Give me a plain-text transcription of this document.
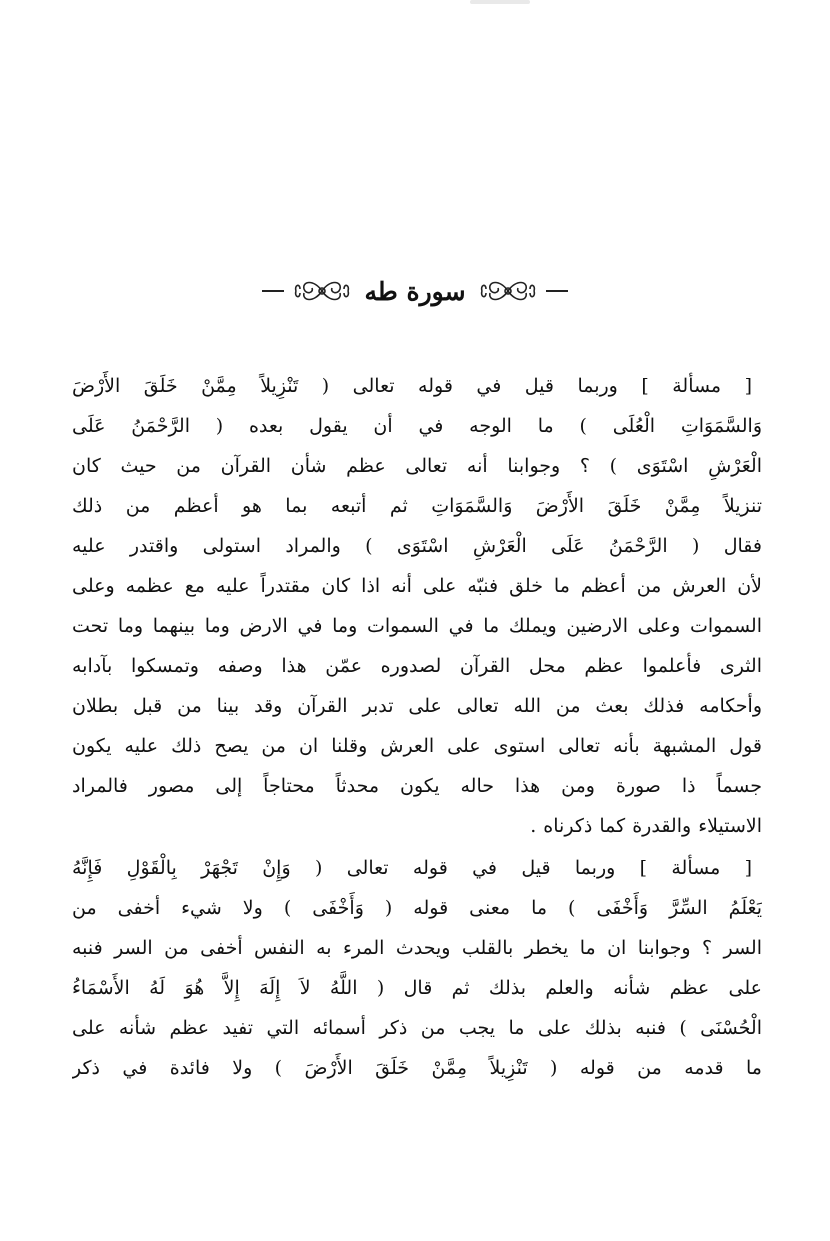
سورة طه
[ مسألة ] وربما قيل في قوله تعالى ( تَنْزِيلاً مِمَّنْ خَلَقَ الأَرْضَ
وَالسَّمَوَاتِ الْعُلَى ) ما الوجه في أن يقول بعده ( الرَّحْمَنُ عَلَى
الْعَرْشِ اسْتَوَى ) ؟ وجوابنا أنه تعالى عظم شأن القرآن من حيث كان
تنزيلاً مِمَّنْ خَلَقَ الأَرْضَ وَالسَّمَوَاتِ ثم أتبعه بما هو أعظم من ذلك
فقال ( الرَّحْمَنُ عَلَى الْعَرْشِ اسْتَوَى ) والمراد استولى واقتدر عليه
لأن العرش من أعظم ما خلق فنبّه على أنه اذا كان مقتدراً عليه مع عظمه وعلى
السموات وعلى الارضين ويملك ما في السموات وما في الارض وما بينهما وما تحت
الثرى فأعلموا عظم محل القرآن لصدوره عمّن هذا وصفه وتمسكوا بآدابه
وأحكامه فذلك بعث من الله تعالى على تدبر القرآن وقد بينا من قبل بطلان
قول المشبهة بأنه تعالى استوى على العرش وقلنا ان من يصح ذلك عليه يكون
جسماً ذا صورة ومن هذا حاله يكون محدثاً محتاجاً إلى مصور فالمراد
الاستيلاء والقدرة كما ذكرناه .
[ مسألة ] وربما قيل في قوله تعالى ( وَإِنْ تَجْهَرْ بِالْقَوْلِ فَإِنَّهُ
يَعْلَمُ السِّرَّ وَأَخْفَى ) ما معنى قوله ( وَأَخْفَى ) ولا شيء أخفى من
السر ؟ وجوابنا ان ما يخطر بالقلب ويحدث المرء به النفس أخفى من السر فنبه
على عظم شأنه والعلم بذلك ثم قال ( اللَّهُ لاَ إِلَهَ إِلاَّ هُوَ لَهُ الأَسْمَاءُ
الْحُسْنَى ) فنبه بذلك على ما يجب من ذكر أسمائه التي تفيد عظم شأنه على
ما قدمه من قوله ( تَنْزِيلاً مِمَّنْ خَلَقَ الأَرْضَ ) ولا فائدة في ذكر
